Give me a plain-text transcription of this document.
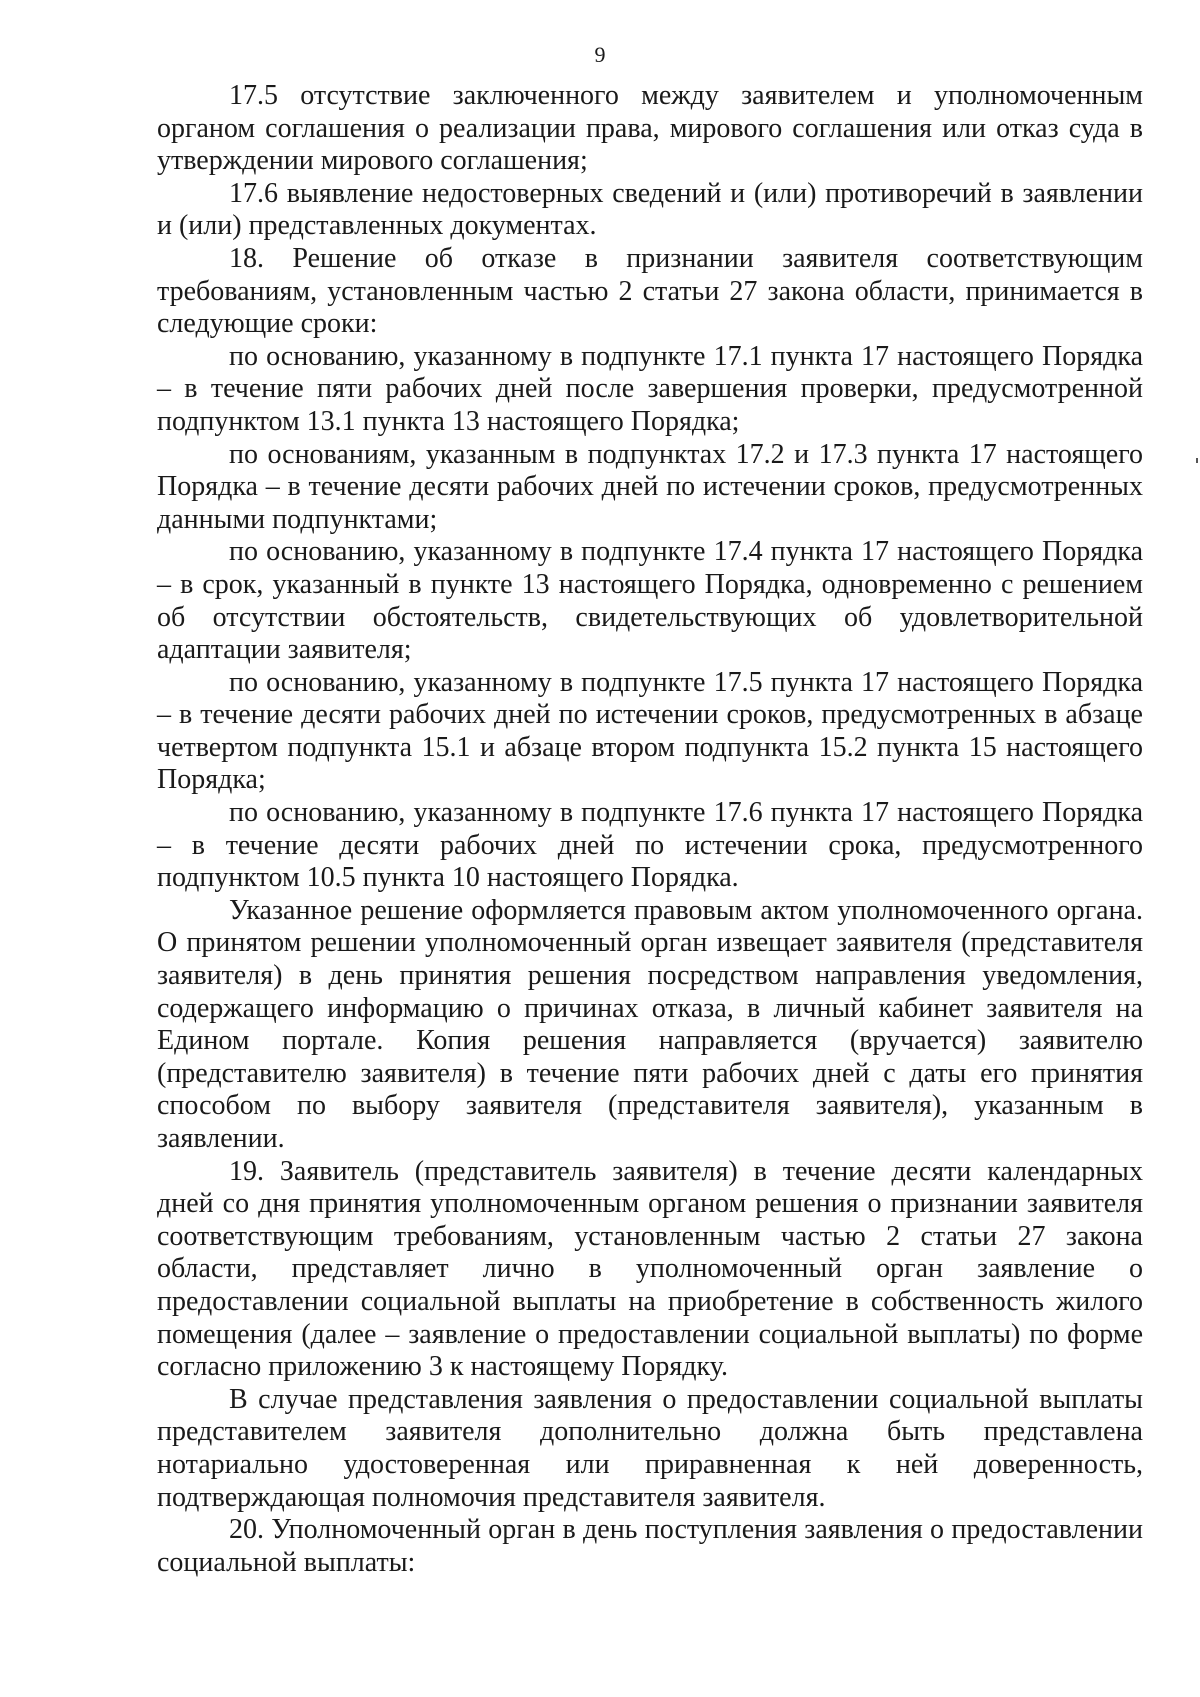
9

17.5 отсутствие заключенного между заявителем и уполномоченным органом соглашения о реализации права, мирового соглашения или отказ суда в утверждении мирового соглашения;

17.6 выявление недостоверных сведений и (или) противоречий в заявлении и (или) представленных документах.

18. Решение об отказе в признании заявителя соответствующим требованиям, установленным частью 2 статьи 27 закона области, принимается в следующие сроки:

по основанию, указанному в подпункте 17.1 пункта 17 настоящего Порядка – в течение пяти рабочих дней после завершения проверки, предусмотренной подпунктом 13.1 пункта 13 настоящего Порядка;

по основаниям, указанным в подпунктах 17.2 и 17.3 пункта 17 настоящего Порядка – в течение десяти рабочих дней по истечении сроков, предусмотренных данными подпунктами;

по основанию, указанному в подпункте 17.4 пункта 17 настоящего Порядка – в срок, указанный в пункте 13 настоящего Порядка, одновременно с решением об отсутствии обстоятельств, свидетельствующих об удовлетворительной адаптации заявителя;

по основанию, указанному в подпункте 17.5 пункта 17 настоящего Порядка – в течение десяти рабочих дней по истечении сроков, предусмотренных в абзаце четвертом подпункта 15.1 и абзаце втором подпункта 15.2 пункта 15 настоящего Порядка;

по основанию, указанному в подпункте 17.6 пункта 17 настоящего Порядка – в течение десяти рабочих дней по истечении срока, предусмотренного подпунктом 10.5 пункта 10 настоящего Порядка.

Указанное решение оформляется правовым актом уполномоченного органа. О принятом решении уполномоченный орган извещает заявителя (представителя заявителя) в день принятия решения посредством направления уведомления, содержащего информацию о причинах отказа, в личный кабинет заявителя на Едином портале. Копия решения направляется (вручается) заявителю (представителю заявителя) в течение пяти рабочих дней с даты его принятия способом по выбору заявителя (представителя заявителя), указанным в заявлении.

19. Заявитель (представитель заявителя) в течение десяти календарных дней со дня принятия уполномоченным органом решения о признании заявителя соответствующим требованиям, установленным частью 2 статьи 27 закона области, представляет лично в уполномоченный орган заявление о предоставлении социальной выплаты на приобретение в собственность жилого помещения (далее – заявление о предоставлении социальной выплаты) по форме согласно приложению 3 к настоящему Порядку.

В случае представления заявления о предоставлении социальной выплаты представителем заявителя дополнительно должна быть представлена нотариально удостоверенная или приравненная к ней доверенность, подтверждающая полномочия представителя заявителя.

20. Уполномоченный орган в день поступления заявления о предоставлении социальной выплаты:
